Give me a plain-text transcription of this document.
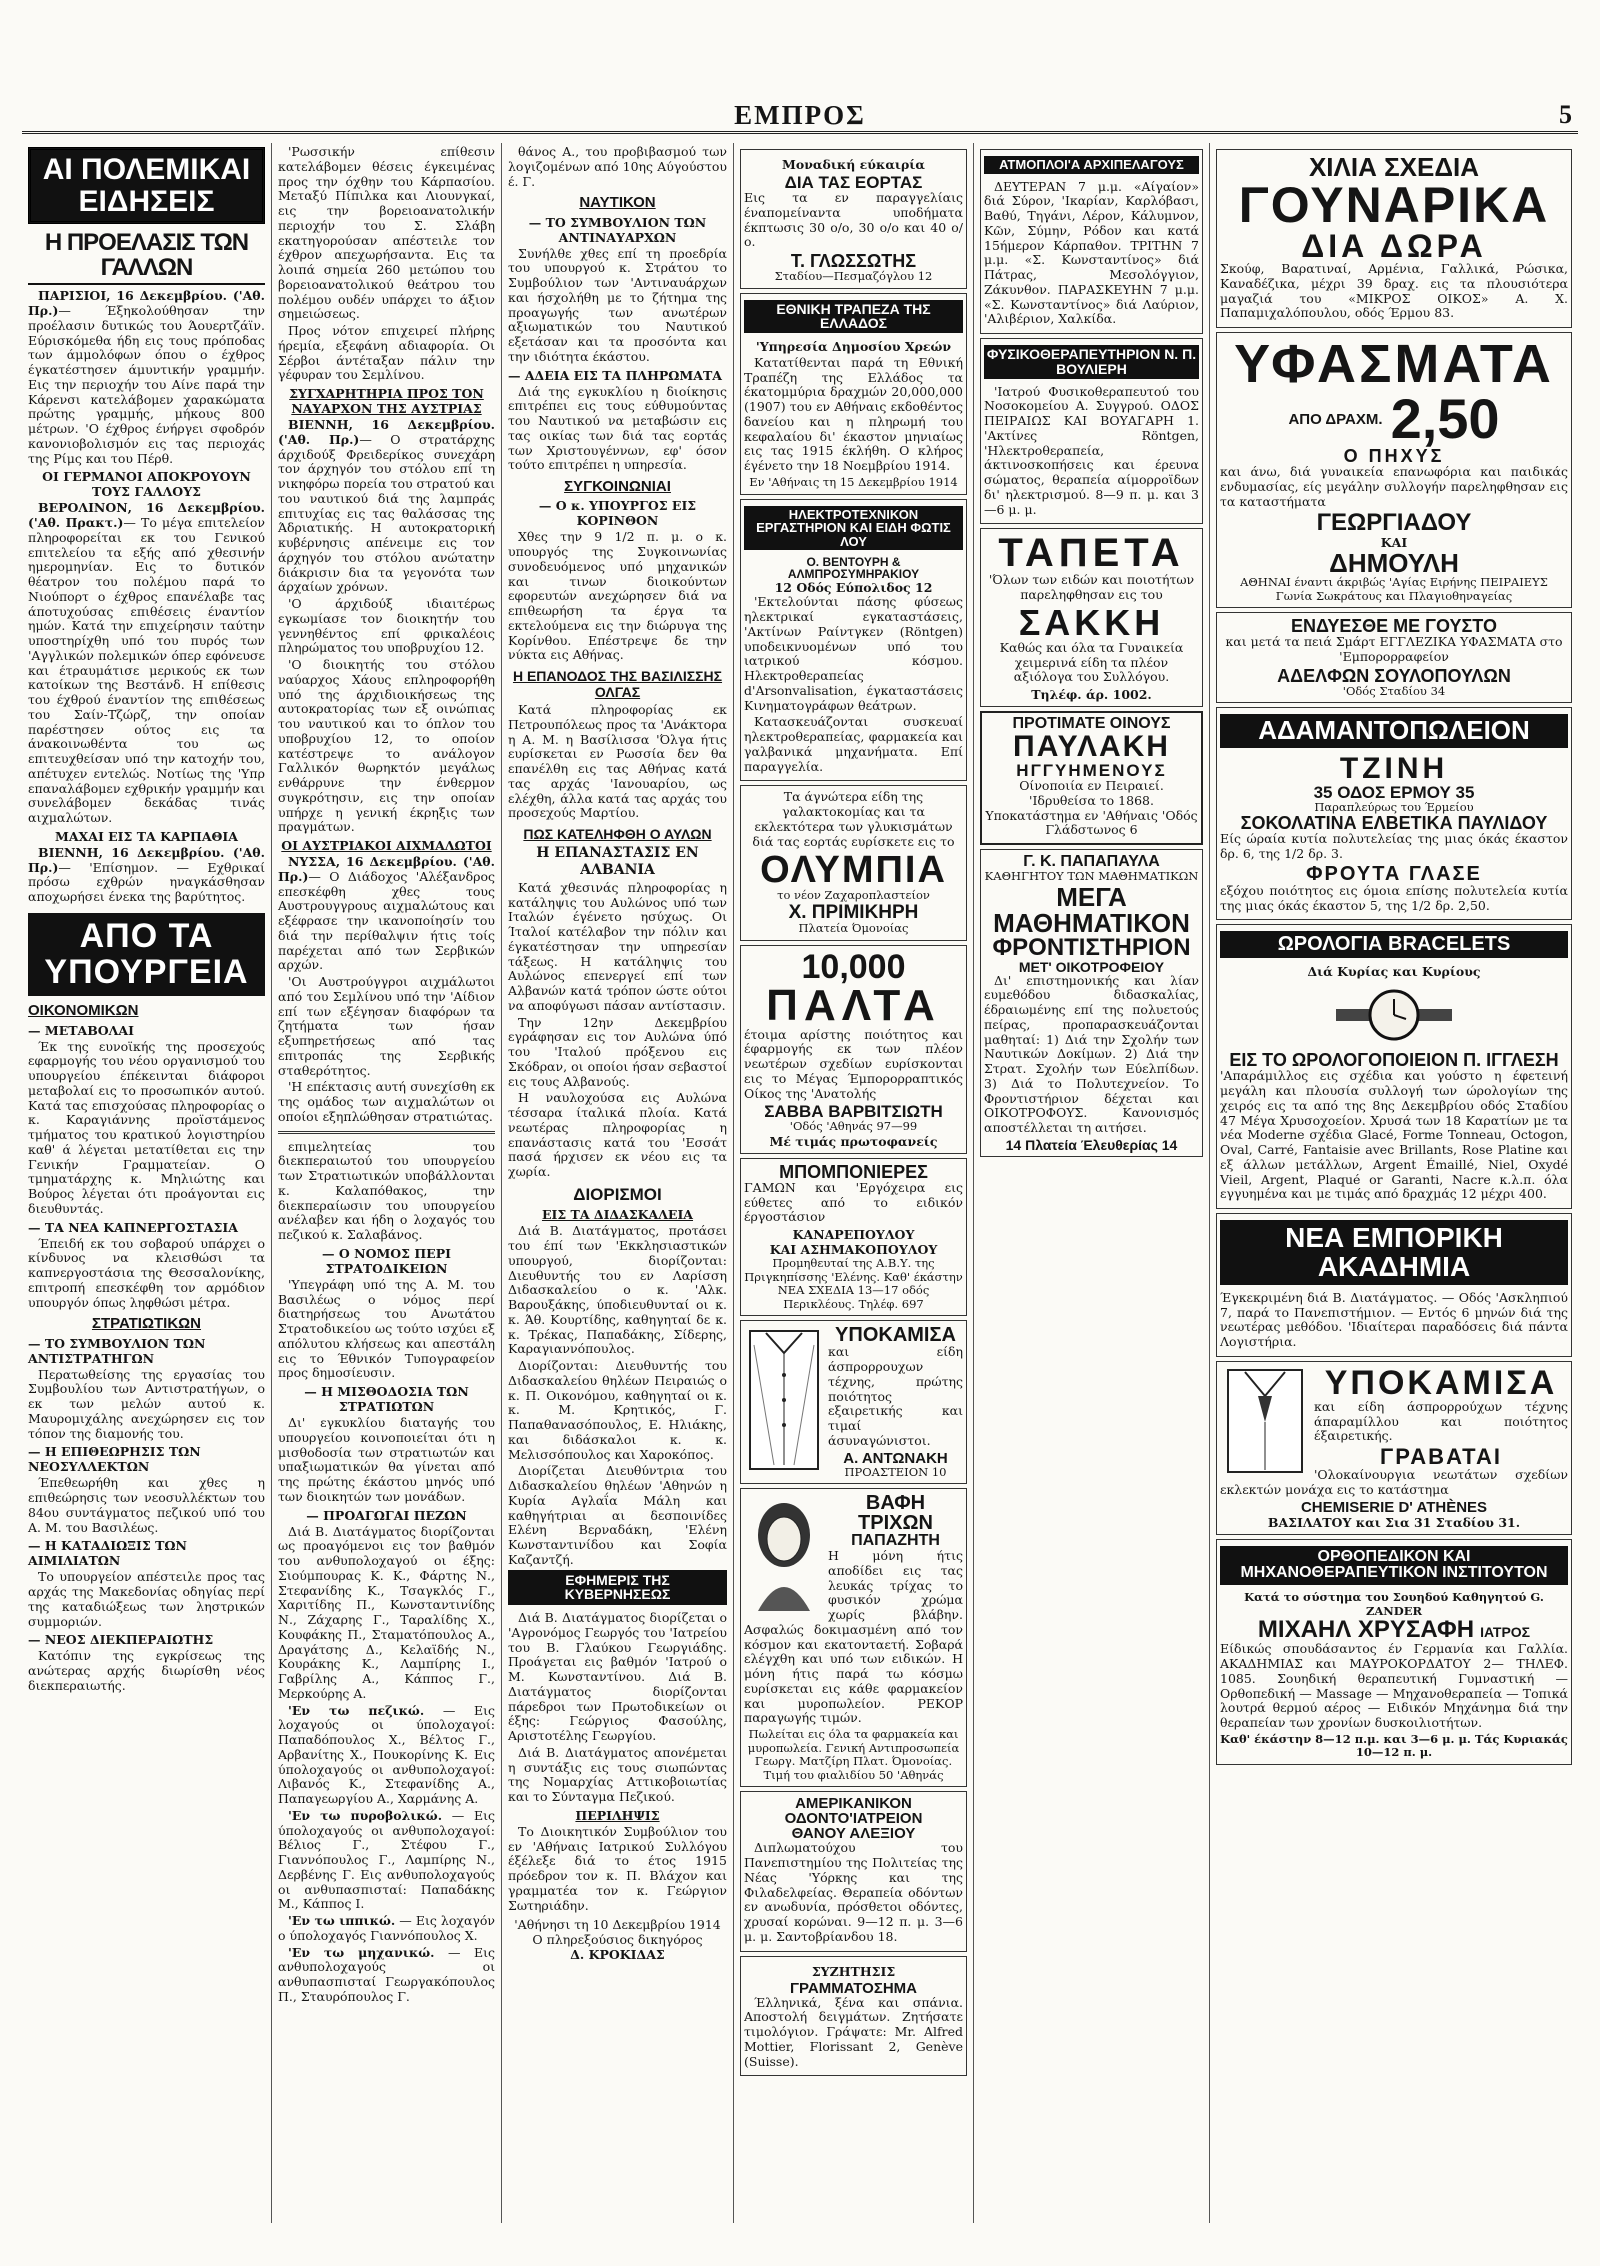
ΕΜΠΡΟΣ	5
ΑΙ ΠΟΛΕΜΙΚΑΙ ΕΙΔΗΣΕΙΣ
Η ΠΡΟΕΛΑΣΙΣ ΤΩΝ ΓΑΛΛΩΝ

ΠΑΡΙΣΙΟΙ, 16 Δεκεμβρίου. ('Αθ. Πρ.)— Έξηκολούθησαν την προέλασιν δυτικώς του Άουερτζάϊν. Εύρισκόμεθα ήδη εις τους πρόποδας των άμμολόφων όπου ο έχθρος έγκατέστησεν άμυντικήν γραμμήν. Εις την περιοχήν του Αίνε παρά την Κάρενσι κατελάβομεν χαρακώματα πρώτης γραμμής, μήκους 800 μέτρων. 'Ο έχθρος ένήργει σφοδρόν κανονιοβολισμόν εις τας περιοχάς της Ρίμς και του Πέρθ.

ΟΙ ΓΕΡΜΑΝΟΙ ΑΠΟΚΡΟΥΟΥΝ ΤΟΥΣ ΓΑΛΛΟΥΣ

ΒΕΡΟΛΙΝΟΝ, 16 Δεκεμβρίου. ('Αθ. Πρακτ.)— Το μέγα επιτελείον πληροφορείται εκ του Γενικού επιτελείου τα εξής από χθεσινήν ημερομηνίαν. Εις το δυτικόν θέατρον του πολέμου παρά το Νιούπορτ ο έχθρος επανέλαβε τας άποτυχούσας επιθέσεις έναντίον ημών. Κατά την επιχείρησιν ταύτην υποστηρίχθη υπό του πυρός των 'Αγγλικών πολεμικών όπερ εφόνευσε και έτραυμάτισε μερικούς εκ των κατοίκων της Βεστάνδ. Η επίθεσις του έχθρού έναντίον της επιθέσεως του Σαίν-Τζώρζ, την οποίαν παρέστησεν ούτος εις τα άνακοινωθέντα του ως επιτευχθείσαν υπό την κατοχήν του, απέτυχεν εντελώς. Νοτίως της 'Υπρ επαναλάβομεν εχθρικήν γραμμήν και συνελάβομεν δεκάδας τινάς αιχμαλώτων.

ΜΑΧΑΙ ΕΙΣ ΤΑ ΚΑΡΠΑΘΙΑ

ΒΙΕΝΝΗ, 16 Δεκεμβρίου. ('Αθ. Πρ.)— 'Επίσημον. — Εχθρικαί πρόσω εχθρών ηναγκάσθησαν αποχωρήσει ένεκα της βαρύτητος.

ΑΠΟ ΤΑ ΥΠΟΥΡΓΕΙΑ
ΟΙΚΟΝΟΜΙΚΩΝ
— ΜΕΤΑΒΟΛΑΙ

Έκ της ευνοϊκής της προσεχούς εφαρμογής του νέου οργανισμού του υπουργείου έπέκεινται διάφοροι μεταβολαί εις το προσωπικόν αυτού. Κατά τας επισχούσας πληροφορίας ο κ. Καραγιάννης προϊστάμενος τμήματος του κρατικού λογιστηρίου καθ' ά λέγεται μετατίθεται εις την Γενικήν Γραμματείαν. Ο τμηματάρχης κ. Μηλιώτης και Βούρος λέγεται ότι προάγονται εις διευθυντάς.

— ΤΑ ΝΕΑ ΚΑΠΝΕΡΓΟΣΤΑΣΙΑ

Έπειδή εκ του σοβαρού υπάρχει ο κίνδυνος να κλεισθώσι τα καπνεργοστάσια της Θεσσαλονίκης, επιτροπή επεσκέφθη τον αρμόδιον υπουργόν όπως ληφθώσι μέτρα.

ΣΤΡΑΤΙΩΤΙΚΩΝ
— ΤΟ ΣΥΜΒΟΥΛΙΟΝ ΤΩΝ ΑΝΤΙΣΤΡΑΤΗΓΩΝ

Περατωθείσης της εργασίας του Συμβουλίου των Αντιστρατήγων, ο εκ των μελών αυτού κ. Μαυρομιχάλης ανεχώρησεν εις τον τόπον της διαμονής του.

— Η ΕΠΙΘΕΩΡΗΣΙΣ ΤΩΝ ΝΕΟΣΥΛΛΕΚΤΩΝ

Έπεθεωρήθη και χθες η επιθεώρησις των νεοσυλλέκτων του 84ου συντάγματος πεζικού υπό του Α. Μ. του Βασιλέως.

— Η ΚΑΤΑΔΙΩΞΙΣ ΤΩΝ ΑΙΜΙΛΙΑΤΩΝ

Το υπουργείον απέστειλε προς τας αρχάς της Μακεδονίας οδηγίας περί της καταδιώξεως των ληστρικών συμμοριών.

— ΝΕΟΣ ΔΙΕΚΠΕΡΑΙΩΤΗΣ

Κατόπιν της εγκρίσεως της ανώτερας αρχής διωρίσθη νέος διεκπεραιωτής.

'Ρωσσικήν επίθεσιν κατελάβομεν θέσεις έγκειμένας προς την όχθην του Κάρπασίου. Μεταξύ Πίπιλκα και Λιουνγκαί, εις την βορειοανατολικήν περιοχήν του Σ. Σλάβη εκατηγορούσαν απέστειλε τον έχθρον απεχωρήσαντα. Εις τα λοιπά σημεία 260 μετώπου του βορειοανατολικού θεάτρου του πολέμου ουδέν υπάρχει το άξιον σημειώσεως.

Προς νότον επιχειρεί πλήρης ήρεμία, εξεφάνη αδιαφορία. Οι Σέρβοι άντέταξαν πάλιν την γέφυραν του Σεμλίνου.

ΣΥΓΧΑΡΗΤΗΡΙΑ ΠΡΟΣ ΤΟΝ ΝΑΥΑΡΧΟΝ ΤΗΣ ΑΥΣΤΡΙΑΣ

ΒΙΕΝΝΗ, 16 Δεκεμβρίου. ('Αθ. Πρ.)— Ο στρατάρχης άρχιδούξ Φρειδερίκος συνεχάρη τον άρχηγόν του στόλου επί τη νικηφόρω πορεία του στρατού και του ναυτικού διά της λαμπράς επιτυχίας εις τας θαλάσσας της Άδριατικής. Η αυτοκρατορική κυβέρνησις απένειμε εις τον άρχηγόν του στόλου ανώτατην διάκρισιν δια τα γεγονότα των άρχαίων χρόνων.

'Ο άρχιδούξ ιδιαιτέρως εγκωμίασε τον διοικητήν του γεννηθέντος επί φρικαλέοις πληρώματος του υποβρυχίου 12.

'Ο διοικητής του στόλου ναύαρχος Χάους επληροφορήθη υπό της άρχιδιοικήσεως της αυτοκρατορίας των εξ οινώπιας του ναυτικού και το όπλον του υποβρυχίου 12, το οποίον κατέστρεψε το ανάλογον Γαλλικόν θωρηκτόν μεγάλως ενθάρρυνε την ένθερμον συγκρότησιν, εις την οποίαν υπήρχε η γενική έκρηξις των πραγμάτων.

ΟΙ ΑΥΣΤΡΙΑΚΟΙ ΑΙΧΜΑΛΩΤΟΙ

ΝΥΣΣΑ, 16 Δεκεμβρίου. ('Αθ. Πρ.)— Ο Διάδοχος 'Αλέξανδρος επεσκέφθη χθες τους Αυστρουγγρους αιχμαλώτους και εξέφρασε την ικανοποίησίν του διά την περίθαλψιν ήτις τοίς παρέχεται από των Σερβικών αρχών.

'Οι Αυστρούγγροι αιχμάλωτοι από του Σεμλίνου υπό την 'Αίδιον επί των εξέγησαν διαφόρων τα ζητήματα των ήσαν εξυπηρετήσεως από τας επιτροπάς της Σερβικής σταθερότητος.

'Η επέκτασις αυτή συνεχίσθη εκ της ομάδος των αιχμαλώτων οι οποίοι εξηπλώθησαν στρατιώτας.

επιμελητείας του διεκπεραιωτού του υπουργείου των Στρατιωτικών υποβάλλονται κ. Καλαπόθακος, την διεκπεραίωσιν του υπουργείου ανέλαβεν και ήδη ο λοχαγός του πεζικού κ. Σαλαβάνος.

— Ο ΝΟΜΟΣ ΠΕΡΙ ΣΤΡΑΤΟΔΙΚΕΙΩΝ

'Υπεγράφη υπό της Α. Μ. του Βασιλέως ο νόμος περί διατηρήσεως του Ανωτάτου Στρατοδικείου ως τούτο ισχύει εξ απόλυτου κλήσεως και απεστάλη εις το Έθνικόν Τυπογραφείον προς δημοσίευσιν.

— Η ΜΙΣΘΟΔΟΣΙΑ ΤΩΝ ΣΤΡΑΤΙΩΤΩΝ

Δι' εγκυκλίου διαταγής του υπουργείου κοινοποιείται ότι η μισθοδοσία των στρατιωτών και υπαξιωματικών θα γίνεται από της πρώτης έκάστου μηνός υπό των διοικητών των μονάδων.

— ΠΡΟΑΓΩΓΑΙ ΠΕΖΩΝ

Διά Β. Διατάγματος διορίζονται ως προαγόμενοι εις τον βαθμόν του ανθυπολοχαγού οι έξης: Σιούμπουρας Κ. Κ., Φάρτης Ν., Στεφανίδης Κ., Τσαγκλός Γ., Χαριτίδης Π., Κωνσταντινίδης Ν., Ζάχαρης Γ., Ταραλίδης Χ., Κουφάκης Π., Σταματόπουλος Α., Δραγάτσης Δ., Κελαϊδής Ν., Κουράκης Κ., Λαμπίρης Ι., Γαβρίλης Α., Κάππος Γ., Μερκούρης Α.

'Εν τω πεζικώ. — Εις λοχαγούς οι ύπολοχαγοί: Παπαδόπουλος Χ., Βέλτος Γ., Αρβανίτης Χ., Πουκορίνης Κ. Εις ύπολοχαγούς οι ανθυπολοχαγοί: Λιβανός Κ., Στεφανίδης Α., Παπαγεωργίου Α., Χαρμάνης Α.

'Εν τω πυροβολικώ. — Εις ύπολοχαγούς οι ανθυπολοχαγοί: Βέλιος Γ., Στέφου Γ., Γιαννόπουλος Γ., Λαμπίρης Ν., Δερβένης Γ. Εις ανθυπολοχαγούς οι ανθυπασπισταί: Παπαδάκης Μ., Κάππος Ι.

'Εν τω ιππικώ. — Εις λοχαγόν ο ύπολοχαγός Γιαννόπουλος Χ.

'Εν τω μηχανικώ. — Εις ανθυπολοχαγούς οι ανθυπασπισταί Γεωργακόπουλος Π., Σταυρόπουλος Γ.

θάνος Α., του προβιβασμού των λογιζομένων από 10ης Αύγούστου έ. Γ.

ΝΑΥΤΙΚΟΝ
— ΤΟ ΣΥΜΒΟΥΛΙΟΝ ΤΩΝ ΑΝΤΙΝΑΥΑΡΧΩΝ

Συνήλθε χθες επί τη προεδρία του υπουργού κ. Στράτου το Συμβούλιον των 'Αντιναυάρχων και ήσχολήθη με το ζήτημα της προαγωγής των ανωτέρων αξιωματικών του Ναυτικού εξετάσαν και τα προσόντα και την ιδιότητα έκάστου.

— ΑΔΕΙΑ ΕΙΣ ΤΑ ΠΛΗΡΩΜΑΤΑ

Διά της εγκυκλίου η διοίκησις επιτρέπει εις τους εύθυμούντας του Ναυτικού να μεταβώσιν εις τας οικίας των διά τας εορτάς των Χριστουγέννων, εφ' όσον τούτο επιτρέπει η υπηρεσία.

ΣΥΓΚΟΙΝΩΝΙΑΙ
— Ο κ. ΥΠΟΥΡΓΟΣ ΕΙΣ ΚΟΡΙΝΘΟΝ

Χθες την 9 1/2 π. μ. ο κ. υπουργός της Συγκοινωνίας συνοδευόμενος υπό μηχανικών και τινων διοικούντων εφορευτών ανεχώρησεν διά να επιθεωρήση τα έργα τα εκτελούμενα εις την διώρυγα της Κορίνθου. Επέστρεψε δε την νύκτα εις Αθήνας.

Η ΕΠΑΝΟΔΟΣ ΤΗΣ ΒΑΣΙΛΙΣΣΗΣ ΟΛΓΑΣ

Κατά πληροφορίας εκ Πετρουπόλεως προς τα 'Ανάκτορα η Α. Μ. η Βασίλισσα 'Όλγα ήτις ευρίσκεται εν Ρωσσία δεν θα επανέλθη εις τας Αθήνας κατά τας αρχάς 'Ιανουαρίου, ως ελέχθη, άλλα κατά τας αρχάς του προσεχούς Μαρτίου.

ΠΩΣ ΚΑΤΕΛΗΦΘΗ Ο ΑΥΛΩΝ
Η ΕΠΑΝΑΣΤΑΣΙΣ ΕΝ ΑΛΒΑΝΙΑ

Κατά χθεσινάς πληροφορίας η κατάληψις του Αυλώνος υπό των Ιταλών έγένετο ησύχως. Οι Ίταλοί κατέλαβον την πόλιν και έγκατέστησαν την υπηρεσίαν τάξεως. Η κατάληψις του Αυλώνος επενεργεί επί των Αλβανών κατά τρόπον ώστε ούτοι να αποφύγωσι πάσαν αντίστασιν.

Την 12ην Δεκεμβρίου εγράφησαν εις τον Αυλώνα ύπό του 'Ιταλού πρόξενου εις Σκόδραν, οι οποίοι ήσαν σεβαστοί εις τους Αλβανούς.

Η ναυλοχούσα εις Αυλώνα τέσσαρα ίταλικά πλοία. Κατά νεωτέρας πληροφορίας η επανάστασις κατά του 'Εσσάτ πασά ήρχισεν εκ νέου εις τα χωρία.

ΔΙΟΡΙΣΜΟΙ
ΕΙΣ ΤΑ ΔΙΔΑΣΚΑΛΕΙΑ

Διά Β. Διατάγματος, προτάσει του έπί των 'Εκκλησιαστικών υπουργού, διορίζονται: Διευθυντής του εν Λαρίσση Διδασκαλείου ο κ. 'Αλκ. Βαρουξάκης, ύποδιευθυνταί οι κ. κ. Άθ. Κουρτίδης, καθηγηταί δε κ. κ. Τρέκας, Παπαδάκης, Σίδερης, Καραγιαννόπουλος.

Διορίζονται: Διευθυντής του Διδασκαλείου θηλέων Πειραιώς ο κ. Π. Οικονόμου, καθηγηταί οι κ. κ. Μ. Κρητικός, Γ. Παπαθανασόπουλος, Ε. Ηλιάκης, και διδάσκαλοι κ. κ. Μελισσόπουλος και Χαροκόπος.

Διορίζεται Διευθύντρια του Διδασκαλείου θηλέων 'Αθηνών η Κυρία Αγλαΐα Μάλη και καθηγήτριαι αι δεσποινίδες Ελένη Βερναδάκη, 'Ελένη Κωνσταντινίδου και Σοφία Καζαντζή.

ΕΦΗΜΕΡΙΣ ΤΗΣ ΚΥΒΕΡΝΗΣΕΩΣ

Διά Β. Διατάγματος διορίζεται ο 'Αγρονόμος Γεωργός του 'Ιατρείου του Β. Γλαύκου Γεωργιάδης. Προάγεται εις βαθμόν 'Ιατρού ο Μ. Κωνσταντίνου. Διά Β. Διατάγματος διορίζονται πάρεδροι των Πρωτοδικείων οι έξης: Γεώργιος Φασούλης, Αριστοτέλης Γεωργίου.

Διά Β. Διατάγματος απονέμεται η συντάξις εις τους σιωπώντας της Νομαρχίας Αττικοβοιωτίας και το Σύνταγμα Πεζικού.

ΠΕΡΙΛΗΨΙΣ

Το Διοικητικόν Συμβούλιον του εν 'Αθήναις Ιατρικού Συλλόγου έξέλεξε διά το έτος 1915 πρόεδρον τον κ. Π. Βλάχον και γραμματέα τον κ. Γεώργιον Σωτηριάδην.

'Αθήνησι τη 10 Δεκεμβρίου 1914
Ο πληρεξούσιος δικηγόρος
Δ. ΚΡΟΚΙΔΑΣ
Μοναδική εύκαιρία
ΔΙΑ ΤΑΣ ΕΟΡΤΑΣ
Εις τα εν παραγγελίαις έναπομείναντα υποδήματα έκπτωσις 30 ο/ο, 30 ο/ο και 40 ο/ο.
Τ. ΓΛΩΣΣΩΤΗΣ
Σταδίου—Πεσμαζόγλου 12
ΕΘΝΙΚΗ ΤΡΑΠΕΖΑ ΤΗΣ ΕΛΛΑΔΟΣ
'Υπηρεσία Δημοσίου Χρεών
Κατατίθενται παρά τη Εθνική Τραπέζη της Ελλάδος τα έκατομμύρια δραχμών 20,000,000 (1907) του εν Αθήναις εκδοθέντος δανείου και η πληρωμή του κεφαλαίου δι' έκαστον μηνιαίως εις τας 1915 έκλήθη. Ο κλήρος έγένετο την 18 Νοεμβρίου 1914.
Εν 'Αθήναις τη 15 Δεκεμβρίου 1914
ΗΛΕΚΤΡΟΤΕΧΝΙΚΟΝ ΕΡΓΑΣΤΗΡΙΟΝ ΚΑΙ ΕΙΔΗ ΦΩΤΙΣ ΛΟΥ
Ο. ΒΕΝΤΟΥΡΗ & ΑΛΜΠΡΟΣΥΜΗΡΑΚΙΟΥ
12 Οδός Εύπολιδος 12
'Εκτελούνται πάσης φύσεως ηλεκτρικαί εγκαταστάσεις, 'Ακτίνων Ραίντγκεν (Röntgen) υποδεικνυομένων υπό του ιατρικού κόσμου. Ηλεκτροθεραπείας d'Arsonvalisation, έγκαταστάσεις Κινηματογράφων θεάτρων.
Κατασκευάζονται συσκευαί ηλεκτροθεραπείας, φαρμακεία και γαλβανικά μηχανήματα. Επί παραγγελία.
Τα άγνώτερα είδη της γαλακτοκομίας και τα εκλεκτότερα των γλυκισμάτων διά τας εορτάς ευρίσκετε εις το
ΟΛΥΜΠΙΑ
το νέον Ζαχαροπλαστείον
Χ. ΠΡΙΜΙΚΗΡΗ
Πλατεία Όμονοίας
10,000
ΠΑΛΤΑ
έτοιμα αρίστης ποιότητος και έφαρμογής εκ των πλέον νεωτέρων σχεδίων ευρίσκονται εις το Μέγας Έμπορορραπτικός Οίκος της 'Ανατολής
ΣΑΒΒΑ ΒΑΡΒΙΤΣΙΩΤΗ
'Οδός 'Αθηνάς 97—99
Μέ τιμάς πρωτοφανείς
ΜΠΟΜΠΟΝΙΕΡΕΣ
ΓΑΜΩΝ και 'Εργόχειρα εις εύθετες από το ειδικόν έργοστάσιον
ΚΑΝΑΡΕΠΟΥΛΟΥ
ΚΑΙ ΑΣΗΜΑΚΟΠΟΥΛΟΥ
Προμηθευταί της Α.Β.Υ. της Πριγκηπίσσης 'Ελένης. Καθ' έκάστην ΝΕΑ ΣΧΕΔΙΑ 13—17 οδός Περικλέους. Τηλέφ. 697
ΥΠΟΚΑΜΙΣΑ
και είδη άσπρορρουχων τέχνης, πρώτης ποιότητος εξαιρετικής και τιμαί άσυναγώνιστοι.
Α. ΑΝΤΩΝΑΚΗ
ΠΡΟΑΣΤΕΙΟΝ 10
ΒΑΦΗ ΤΡΙΧΩΝ
ΠΑΠΑΖΗΤΗ
Η μόνη ήτις αποδίδει εις τας λευκάς τρίχας το φυσικόν χρώμα χωρίς βλάβην. Ασφαλώς δοκιμασμένη από τον κόσμον και εκατονταετή. Σοβαρά ελέγχθη και υπό των ειδικών. Η μόνη ήτις παρά τω κόσμω ευρίσκεται εις κάθε φαρμακείον και μυροπωλείον. ΡΕΚΟΡ παραγωγής τιμών.
Πωλείται εις όλα τα φαρμακεία και μυροπωλεία. Γενική Αντιπροσωπεία Γεωργ. Ματζίρη Πλατ. Όμονοίας. Τιμή του φιαλιδίου 50 'Αθηνάς
ΑΜΕΡΙΚΑΝΙΚΟΝ ΟΔΟΝΤΟ'ΙΑΤΡΕΙΟΝ
ΘΑΝΟΥ ΑΛΕΞΙΟΥ
Διπλωματούχου του Πανεπιστημίου της Πολιτείας της Νέας 'Υόρκης και της Φιλαδελφείας. Θεραπεία οδόντων εν ανωδυνία, πρόσθετοι οδόντες, χρυσαί κορώναι. 9—12 π. μ. 3—6 μ. μ. Σαντοβρίανδου 18.
ΣΥΖΗΤΗΣΙΣ
ΓΡΑΜΜΑΤΟΣΗΜΑ
Έλληνικά, ξένα και σπάνια. Αποστολή δειγμάτων. Ζητήσατε τιμολόγιον. Γράψατε: Mr. Alfred Mottier, Florissant 2, Genève (Suisse).
ΑΤΜΟΠΛΟΙ'Α ΑΡΧΙΠΕΛΑΓΟΥΣ
ΔΕΥΤΕΡΑΝ 7 μ.μ. «Αίγαίον» διά Σύρον, 'Ικαρίαν, Καρλόβασι, Βαθύ, Τηγάνι, Λέρον, Κάλυμνον, Κῶν, Σύμην, Ρόδον και κατά 15ήμερον Κάρπαθον. ΤΡΙΤΗΝ 7 μ.μ. «Σ. Κωνσταντίνος» διά Πάτρας, Μεσολόγγιον, Ζάκυνθον. ΠΑΡΑΣΚΕΥΗΝ 7 μ.μ. «Σ. Κωνσταντίνος» διά Λαύριον, 'Αλιβέριον, Χαλκίδα.
ΦΥΣΙΚΟΘΕΡΑΠΕΥΤΗΡΙΟΝ Ν. Π. ΒΟΥΛΙΕΡΗ
'Ιατρού Φυσικοθεραπευτού του Νοσοκομείου Α. Συγγρού. ΟΔΟΣ ΠΕΙΡΑΙΩΣ ΚΑΙ ΒΟΥΑΓΑΡΗ 1. 'Ακτίνες Röntgen, 'Ηλεκτροθεραπεία, άκτινοσκοπήσεις και έρευνα σώματος, θεραπεία αίμορροϊδων δι' ηλεκτρισμού. 8—9 π. μ. και 3—6 μ. μ.
ΤΑΠΕΤΑ
'Όλων των ειδών και ποιοτήτων παρεληφθησαν εις του
ΣΑΚΚΗ
Καθώς και όλα τα Γυναικεία χειμερινά είδη τα πλέον αξιόλογα του Συλλόγου.
Τηλέφ. άρ. 1002.
ΠΡΟΤΙΜΑΤΕ ΟΙΝΟΥΣ
ΠΑΥΛΑΚΗ
ΗΓΓΥΗΜΕΝΟΥΣ
Οίνοποιία εν Πειραιεί. 'Ιδρυθείσα το 1868. Υποκατάστημα εν 'Αθήναις 'Οδός Γλάδστωνος 6
Γ. Κ. ΠΑΠΑΠΑΥΛΑ
ΚΑΘΗΓΗΤΟΥ ΤΩΝ ΜΑΘΗΜΑΤΙΚΩΝ
ΜΕΓΑ ΜΑΘΗΜΑΤΙΚΟΝ
ΦΡΟΝΤΙΣΤΗΡΙΟΝ
ΜΕΤ' ΟΙΚΟΤΡΟΦΕΙΟΥ
Δι' επιστημονικής και λίαν ευμεθόδου διδασκαλίας, έδραιωμένης επί της πολυετούς πείρας, προπαρασκευάζονται μαθηταί: 1) Διά την Σχολήν των Ναυτικών Δοκίμων. 2) Διά την Στρατ. Σχολήν των Εύελπίδων. 3) Διά το Πολυτεχνείον. Το Φροντιστήριον δέχεται και ΟΙΚΟΤΡΟΦΟΥΣ. Κανονισμός αποστέλλεται τη αιτήσει.
14 Πλατεία Έλευθερίας 14
ΧΙΛΙΑ ΣΧΕΔΙΑ
ΓΟΥΝΑΡΙΚΑ
ΔΙΑ ΔΩΡΑ
Σκούφ, Βαρατιναί, Αρμένια, Γαλλικά, Ρώσικα, Καναδέζικα, μέχρι 39 δραχ. εις τα πλουσιότερα μαγαζιά του «ΜΙΚΡΟΣ ΟΙΚΟΣ» Α. Χ. Παπαμιχαλόπουλου, οδός Έρμου 83.
ΥΦΑΣΜΑΤΑ
ΑΠΟ ΔΡΑΧΜ. 2,50
Ο ΠΗΧΥΣ
και άνω, διά γυναικεία επανωφόρια και παιδικάς ενδυμασίας, είς μεγάλην συλλογήν παρεληφθησαν εις τα καταστήματα
ΓΕΩΡΓΙΑΔΟΥ
ΚΑΙ
ΔΗΜΟΥΛΗ
ΑΘΗΝΑΙ έναντι άκριβώς 'Αγίας Ειρήνης ΠΕΙΡΑΙΕΥΣ Γωνία Σωκράτους και Πλαγιοθηναγείας
ΕΝΔΥΕΣΘΕ ΜΕ ΓΟΥΣΤΟ
και μετά τα πειά Σμάρτ ΕΓΓΛΕΖΙΚΑ ΥΦΑΣΜΑΤΑ στο 'Εμπορορραφείον
ΑΔΕΛΦΩΝ ΣΟΥΛΟΠΟΥΛΩΝ
'Οδός Σταδίου 34
ΑΔΑΜΑΝΤΟΠΩΛΕΙΟΝ
ΤΖΙΝΗ
35 ΟΔΟΣ ΕΡΜΟΥ 35
Παραπλεύρως του Έρμείου
ΣΟΚΟΛΑΤΙΝΑ ΕΛΒΕΤΙΚΑ ΠΑΥΛΙΔΟΥ
Είς ώραία κυτία πολυτελείας της μιας όκάς έκαστον δρ. 6, της 1/2 δρ. 3.
ΦΡΟΥΤΑ ΓΛΑΣΕ
εξόχου ποιότητος εις όμοια επίσης πολυτελεία κυτία της μιας όκάς έκαστον 5, της 1/2 δρ. 2,50.
ΩΡΟΛΟΓΙΑ BRACELETS
Διά Κυρίας και Κυρίους
ΕΙΣ ΤΟ ΩΡΟΛΟΓΟΠΟΙΕΙΟΝ Π. ΙΓΓΛΕΣΗ
'Απαράμιλλος εις σχέδια και γούστο η έφετεινή μεγάλη και πλουσία συλλογή των ώρολογίων της χειρός εις τα από της 8ης Δεκεμβρίου οδός Σταδίου 47 Μέγα Χρυσοχοείον. Χρυσά των 18 Καρατίων με τα νέα Moderne σχέδια Glacé, Forme Tonneau, Octogon, Oval, Carré, Fantaisie avec Brillants, Rose Platine και εξ άλλων μετάλλων, Argent Émaillé, Niel, Oxydé Vieil, Argent, Plaqué or Garanti, Nacre κ.λ.π. όλα εγγυημένα και με τιμάς από δραχμάς 12 μέχρι 400.
ΝΕΑ ΕΜΠΟΡΙΚΗ ΑΚΑΔΗΜΙΑ
Έγκεκριμένη διά Β. Διατάγματος. — Οδός 'Ασκληπιού 7, παρά το Πανεπιστήμιον. — Εντός 6 μηνών διά της νεωτέρας μεθόδου. 'Ιδιαίτεραι παραδόσεις διά πάντα Λογιστήρια.
ΥΠΟΚΑΜΙΣΑ
και είδη άσπρορρούχων τέχνης άπαραμίλλου και ποιότητος έξαιρετικής.
ΓΡΑΒΑΤΑΙ
'Ολοκαίνουργια νεωτάτων σχεδίων εκλεκτών μονάχα εις το κατάστημα
CHEMISERIE D' ATHÈNES
ΒΑΣΙΛΑΤΟΥ και Σια 31 Σταδίου 31.
ΟΡΘΟΠΕΔΙΚΟΝ ΚΑΙ ΜΗΧΑΝΟΘΕΡΑΠΕΥΤΙΚΟΝ ΙΝΣΤΙΤΟΥΤΟΝ
Κατά το σύστημα του Σουηδού Καθηγητού G. ZANDER
ΜΙΧΑΗΛ ΧΡΥΣΑΦΗ ΙΑΤΡΟΣ
Είδικώς σπουδάσαντος έν Γερμανία και Γαλλία. ΑΚΑΔΗΜΙΑΣ και ΜΑΥΡΟΚΟΡΔΑΤΟΥ 2— ΤΗΛΕΦ. 1085. Σουηδική θεραπευτική Γυμναστική — Ορθοπεδική — Massage — Μηχανοθεραπεία — Τοπικά λουτρά θερμού αέρος — Ειδικόν Μηχάνημα διά την θεραπείαν των χρονίων δυσκοιλιοτήτων.
Καθ' έκάστην 8—12 π.μ. και 3—6 μ. μ. Τάς Κυριακάς 10—12 π. μ.
